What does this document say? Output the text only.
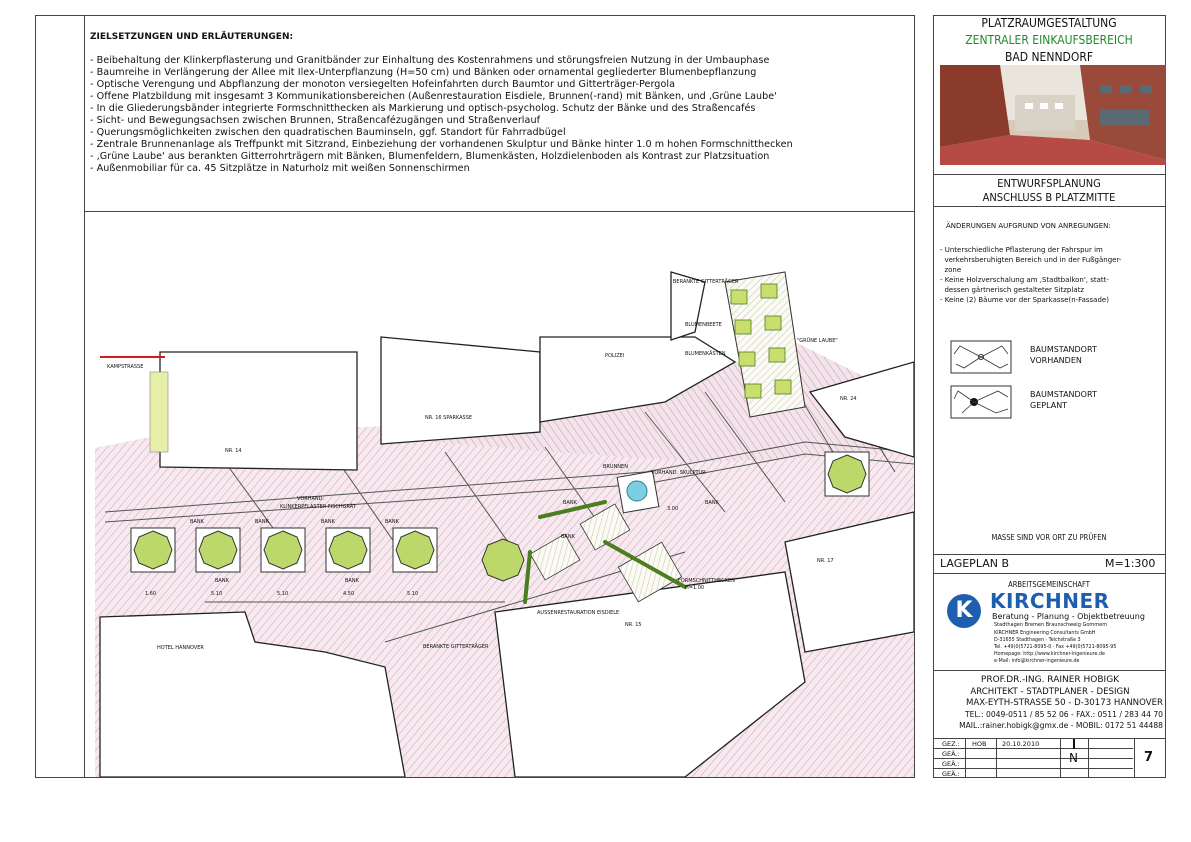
ZIELSETZUNGEN UND ERLÄUTERUNGEN:
- Beibehaltung der Klinkerpflasterung und Granitbänder zur Einhaltung des Kostenrahmens und störungsfreien Nutzung in der Umbauphase
- Baumreihe in Verlängerung der Allee mit Ilex-Unterpflanzung (H=50 cm) und Bänken oder ornamental gegliederter Blumenbepflanzung
- Optische Verengung und Abpflanzung der monoton versiegelten Hofeinfahrten durch Baumtor und Gitterträger-Pergola
- Offene Platzbildung mit insgesamt 3 Kommunikationsbereichen (Außenrestauration Eisdiele, Brunnen(-rand) mit Bänken, und ‚Grüne Laube'
- In die Gliederungsbänder integrierte Formschnitthecken als Markierung und optisch-psycholog. Schutz der Bänke und des Straßencafés
- Sicht- und Bewegungsachsen zwischen Brunnen, Straßencafézugängen und Straßenverlauf
- Querungsmöglichkeiten zwischen den quadratischen Bauminseln, ggf. Standort für Fahrradbügel
- Zentrale Brunnenanlage als Treffpunkt mit Sitzrand, Einbeziehung der vorhandenen Skulptur und Bänke hinter 1.0 m hohen Formschnitthecken
- ‚Grüne Laube' aus berankten Gitterrohrträgern mit Bänken, Blumenfeldern, Blumenkästen, Holzdielenboden als Kontrast zur Platzsituation
- Außenmobiliar für ca. 45 Sitzplätze in Naturholz mit weißen Sonnenschirmen
KAMPSTRASSE
NR. 14
NR. 16 SPARKASSE
POLIZEI
BERANKTE GITTERTRÄGER
BLUMENBEETE
BLUMENKÄSTEN
"GRÜNE LAUBE"
NR. 24
BRUNNEN
VORHAND. SKULPTUR
VORHAND.
KLINKERPFLASTER FISCHGRÄT
BANK	BANK	BANK	BANK
BANK	BANK
BANK
BANK
BANK
FORMSCHNITTHECKEN
H=1.00
AUSSENRESTAURATION EISDIELE
NR. 15
NR. 17
HOTEL HANNOVER	BERANKTE GITTERTRÄGER
3.00
1.60	5.10	5.10	4.50	5.10
PLATZRAUMGESTALTUNG
ZENTRALER EINKAUFSBEREICH
BAD NENNDORF
ENTWURFSPLANUNG
ANSCHLUSS B PLATZMITTE
ÄNDERUNGEN AUFGRUND VON ANREGUNGEN:
- Unterschiedliche Pflasterung der Fahrspur im
verkehrsberuhigten Bereich und in der Fußgänger-
zone
- Keine Holzverschalung am ‚Stadtbalkon', statt-
dessen gärtnerisch gestalteter Sitzplatz
- Keine (2) Bäume vor der Sparkasse(n-Fassade)
BAUMSTANDORT
VORHANDEN
BAUMSTANDORT
GEPLANT
MASSE SIND VOR ORT ZU PRÜFEN
LAGEPLAN B	M=1:300
ARBEITSGEMEINSCHAFT
K KIRCHNER
Beratung - Planung - Objektbetreuung
Stadthagen Bremen Braunschweig Gommern
KIRCHNER Engineering Consultants GmbH
D-31655 Stadthagen · Teichstraße 3
Tel. +49(0)5721-8095-0 · Fax +49(0)5721-8095-95
Homepage: http://www.kirchner-ingenieure.de
e-Mail: info@kirchner-ingenieure.de
PROF.DR.-ING. RAINER HOBIGK
ARCHITEKT - STADTPLANER - DESIGN
MAX-EYTH-STRASSE 50 - D-30173 HANNOVER
TEL.: 0049-0511 / 85 52 06 - FAX.: 0511 / 283 44 70
MAIL.:rainer.hobigk@gmx.de - MOBIL: 0172 51 44488
GEZ.: HOB 20.10.2010
GEÄ.:
GEÄ.:
GEÄ.:
N	7
